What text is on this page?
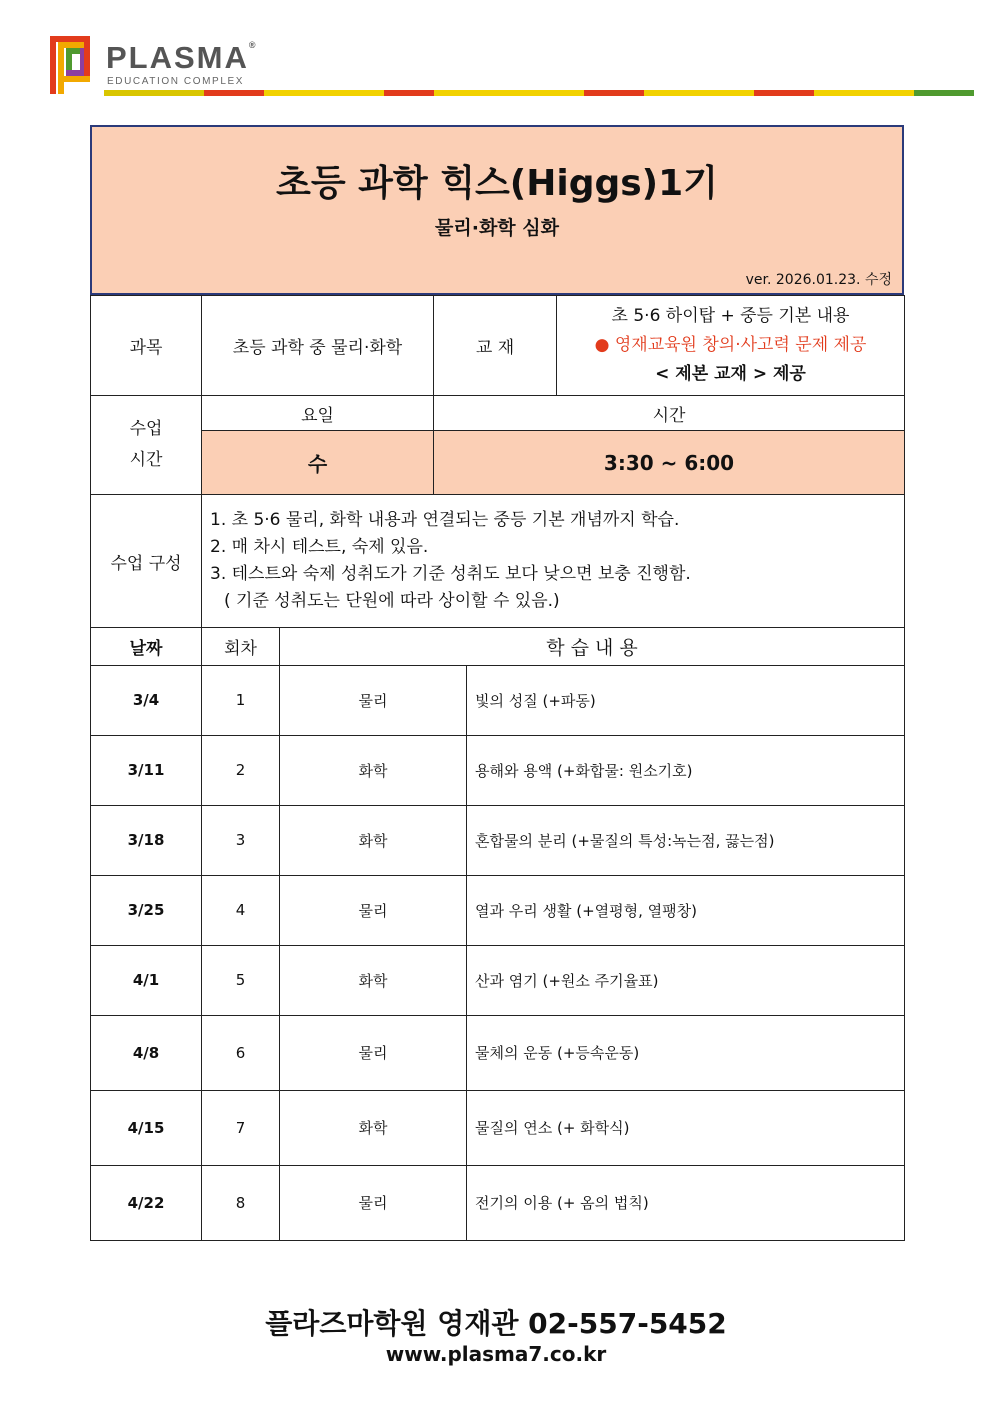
PLASMA®
EDUCATION COMPLEX
초등 과학 힉스(Higgs)1기
물리·화학 심화
ver. 2026.01.23. 수정
과목	초등 과학 중 물리·화학	교 재	초 5·6 하이탑 + 중등 기본 내용
● 영재교육원 창의·사고력 문제 제공
< 제본 교재 > 제공

수업
시간	요일	시간	
	수	3:30 ~ 6:00	
수업 구성	1. 초 5·6 물리, 화학 내용과 연결되는 중등 기본 개념까지 학습.
2. 매 차시 테스트, 숙제 있음.
3. 테스트와 숙제 성취도가 기준 성취도 보다 낮으면 보충 진행함.
( 기준 성취도는 단원에 따라 상이할 수 있음.)		
날짜	회차	학 습 내 용	
3/4	1	물리	빛의 성질 (+파동)
3/11	2	화학	용해와 용액 (+화합물: 원소기호)
3/18	3	화학	혼합물의 분리 (+물질의 특성:녹는점, 끓는점)
3/25	4	물리	열과 우리 생활 (+열평형, 열팽창)
4/1	5	화학	산과 염기 (+원소 주기율표)
4/8	6	물리	물체의 운동 (+등속운동)
4/15	7	화학	물질의 연소 (+ 화학식)
4/22	8	물리	전기의 이용 (+ 옴의 법칙)
플라즈마학원 영재관 02-557-5452
www.plasma7.co.kr
